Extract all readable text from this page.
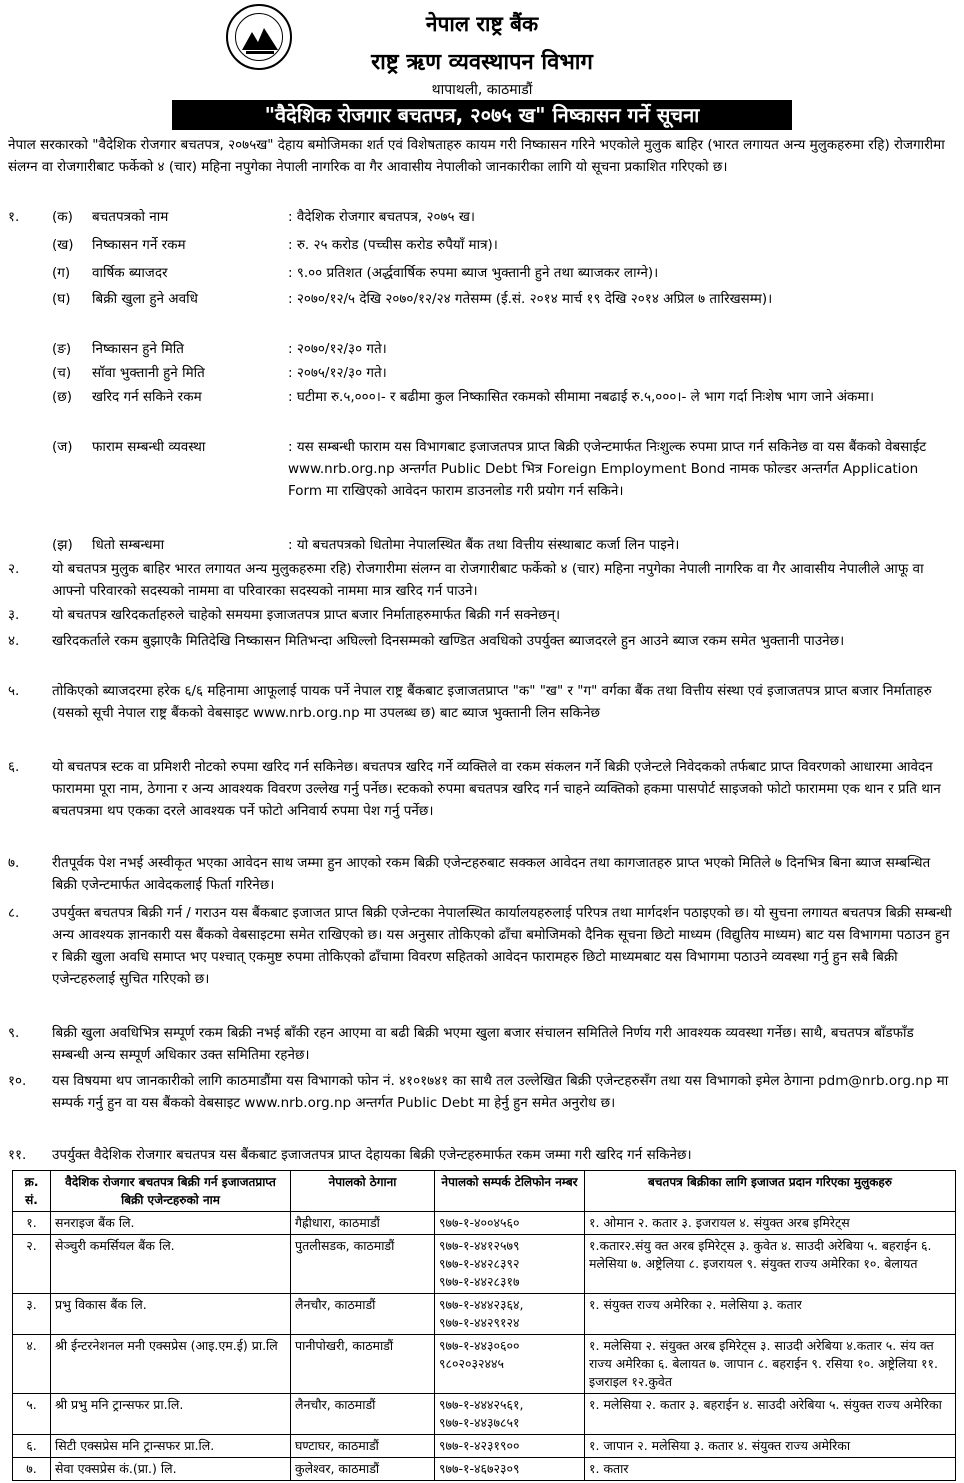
नेपाल राष्ट्र बैंक
राष्ट्र ऋण व्यवस्थापन विभाग
थापाथली, काठमाडौं
"वैदेशिक रोजगार बचतपत्र, २०७५ ख" निष्कासन गर्ने सूचना
नेपाल सरकारको "वैदेशिक रोजगार बचतपत्र, २०७५ख" देहाय बमोजिमका शर्त एवं विशेषताहरु कायम गरी निष्कासन गरिने भएकोले मुलुक बाहिर (भारत लगायत अन्य मुलुकहरुमा रहि) रोजगारीमा संलग्न वा रोजगारीबाट फर्केको ४ (चार) महिना नपुगेका नेपाली नागरिक वा गैर आवासीय नेपालीको जानकारीका लागि यो सूचना प्रकाशित गरिएको छ।
१. (क) बचतपत्रको नाम	: वैदेशिक रोजगार बचतपत्र, २०७५ ख।
(ख) निष्कासन गर्ने रकम	: रु. २५ करोड (पच्चीस करोड रुपैयाँ मात्र)।
(ग) वार्षिक ब्याजदर	: ९.०० प्रतिशत (अर्द्धवार्षिक रुपमा ब्याज भुक्तानी हुने तथा ब्याजकर लाग्ने)।
(घ) बिक्री खुला हुने अवधि	: २०७०/१२/५ देखि २०७०/१२/२४ गतेसम्म (ई.सं. २०१४ मार्च १९ देखि २०१४ अप्रिल ७ तारिखसम्म)।
(ङ) निष्कासन हुने मिति	: २०७०/१२/३० गते।
(च) सॉवा भुक्तानी हुने मिति	: २०७५/१२/३० गते।
(छ) खरिद गर्न सकिने रकम	: घटीमा रु.५,०००।- र बढीमा कुल निष्कासित रकमको सीमामा नबढाई रु.५,०००।- ले भाग गर्दा निःशेष भाग जाने अंकमा।
(ज) फाराम सम्बन्धी व्यवस्था	: यस सम्बन्धी फाराम यस विभागबाट इजाजतपत्र प्राप्त बिक्री एजेन्टमार्फत निःशुल्क रुपमा प्राप्त गर्न सकिनेछ वा यस बैंकको वेबसाईट www.nrb.org.np अन्तर्गत Public Debt भित्र Foreign Employment Bond नामक फोल्डर अन्तर्गत Application Form मा राखिएको आवेदन फाराम डाउनलोड गरी प्रयोग गर्न सकिने।
(झ) धितो सम्बन्धमा	: यो बचतपत्रको धितोमा नेपालस्थित बैंक तथा वित्तीय संस्थाबाट कर्जा लिन पाइने।
२. यो बचतपत्र मुलुक बाहिर भारत लगायत अन्य मुलुकहरुमा रहि) रोजगारीमा संलग्न वा रोजगारीबाट फर्केको ४ (चार) महिना नपुगेका नेपाली नागरिक वा गैर आवासीय नेपालीले आफू वा आफ्नो परिवारको सदस्यको नाममा वा परिवारका सदस्यको नाममा मात्र खरिद गर्न पाउने।
३. यो बचतपत्र खरिदकर्ताहरुले चाहेको समयमा इजाजतपत्र प्राप्त बजार निर्माताहरुमार्फत बिक्री गर्न सक्नेछन्।
४. खरिदकर्ताले रकम बुझाएकै मितिदेखि निष्कासन मितिभन्दा अघिल्लो दिनसम्मको खण्डित अवधिको उपर्युक्त ब्याजदरले हुन आउने ब्याज रकम समेत भुक्तानी पाउनेछ।
५. तोकिएको ब्याजदरमा हरेक ६/६ महिनामा आफूलाई पायक पर्ने नेपाल राष्ट्र बैंकबाट इजाजतप्राप्त "क" "ख" र "ग" वर्गका बैंक तथा वित्तीय संस्था एवं इजाजतपत्र प्राप्त बजार निर्माताहरु (यसको सूची नेपाल राष्ट्र बैंकको वेबसाइट www.nrb.org.np मा उपलब्ध छ) बाट ब्याज भुक्तानी लिन सकिनेछ
६. यो बचतपत्र स्टक वा प्रमिशरी नोटको रुपमा खरिद गर्न सकिनेछ। बचतपत्र खरिद गर्ने व्यक्तिले वा रकम संकलन गर्ने बिक्री एजेन्टले निवेदकको तर्फबाट प्राप्त विवरणको आधारमा आवेदन फाराममा पूरा नाम, ठेगाना र अन्य आवश्यक विवरण उल्लेख गर्नु पर्नेछ। स्टकको रुपमा बचतपत्र खरिद गर्न चाहने व्यक्तिको हकमा पासपोर्ट साइजको फोटो फाराममा एक थान र प्रति थान बचतपत्रमा थप एकका दरले आवश्यक पर्ने फोटो अनिवार्य रुपमा पेश गर्नु पर्नेछ।
७. रीतपूर्वक पेश नभई अस्वीकृत भएका आवेदन साथ जम्मा हुन आएको रकम बिक्री एजेन्टहरुबाट सक्कल आवेदन तथा कागजातहरु प्राप्त भएको मितिले ७ दिनभित्र बिना ब्याज सम्बन्धित बिक्री एजेन्टमार्फत आवेदकलाई फिर्ता गरिनेछ।
८. उपर्युक्त बचतपत्र बिक्री गर्न / गराउन यस बैंकबाट इजाजत प्राप्त बिक्री एजेन्टका नेपालस्थित कार्यालयहरुलाई परिपत्र तथा मार्गदर्शन पठाइएको छ। यो सुचना लगायत बचतपत्र बिक्री सम्बन्धी अन्य आवश्यक ज्ञानकारी यस बैंकको वेबसाइटमा समेत राखिएको छ। यस अनुसार तोकिएको ढाँचा बमोजिमको दैनिक सूचना छिटो माध्यम (विद्युतिय माध्यम) बाट यस विभागमा पठाउन हुन र बिक्री खुला अवधि समाप्त भए पश्चात् एकमुष्ट रुपमा तोकिएको ढाँचामा विवरण सहितको आवेदन फारामहरु छिटो माध्यमबाट यस विभागमा पठाउने व्यवस्था गर्नु हुन सबै बिक्री एजेन्टहरुलाई सुचित गरिएको छ।
९. बिक्री खुला अवधिभित्र सम्पूर्ण रकम बिक्री नभई बाँकी रहन आएमा वा बढी बिक्री भएमा खुला बजार संचालन समितिले निर्णय गरी आवश्यक व्यवस्था गर्नेछ। साथै, बचतपत्र बाँडफाँड सम्बन्धी अन्य सम्पूर्ण अधिकार उक्त समितिमा रहनेछ।
१०. यस विषयमा थप जानकारीको लागि काठमाडौंमा यस विभागको फोन नं. ४१०१७४१ का साथै तल उल्लेखित बिक्री एजेन्टहरुसँग तथा यस विभागको इमेल ठेगाना pdm@nrb.org.np मा सम्पर्क गर्नु हुन वा यस बैंकको वेबसाइट www.nrb.org.np अन्तर्गत Public Debt मा हेर्नु हुन समेत अनुरोध छ।
११. उपर्युक्त वैदेशिक रोजगार बचतपत्र यस बैंकबाट इजाजतपत्र प्राप्त देहायका बिक्री एजेन्टहरुमार्फत रकम जम्मा गरी खरिद गर्न सकिनेछ।
क्र. सं.	वैदेशिक रोजगार बचतपत्र बिक्री गर्न इजाजतप्राप्त बिक्री एजेन्टहरुको नाम	नेपालको ठेगाना	नेपालको सम्पर्क टेलिफोन नम्बर	बचतपत्र बिक्रीका लागि इजाजत प्रदान गरिएका मुलुकहरु
१.	सनराइज बैंक लि.	गैह्रीधारा, काठमाडौं	९७७-१-४००४५६०	१. ओमान २. कतार ३. इजरायल ४. संयुक्त अरब इमिरेट्स
२.	सेञ्चुरी कमर्सियल बैंक लि.	पुतलीसडक, काठमाडौं	९७७-१-४४१२५७९
९७७-१-४४२८३९२
९७७-१-४४२८३१७	१.कतार२.संयु क्त अरब इमिरेट्स ३. कुवेत ४. साउदी अरेबिया ५. बहराईन ६. मलेसिया ७. अष्ट्रेलिया ८. इजरायल ९. संयुक्त राज्य अमेरिका १०. बेलायत
३.	प्रभु विकास बैंक लि.	लैनचौर, काठमाडौं	९७७-१-४४४२३६४,
९७७-१-४४२९१२४	१. संयुक्त राज्य अमेरिका २. मलेसिया ३. कतार
४.	श्री ईन्टरनेशनल मनी एक्सप्रेस (आइ.एम.ई) प्रा.लि	पानीपोखरी, काठमाडौं	९७७-१-४४३०६००
९८०२०३२४४५	१. मलेसिया २. संयुक्त अरब इमिरेट्स ३. साउदी अरेबिया ४.कतार ५. संय क्त राज्य अमेरिका ६. बेलायत ७. जापान ८. बहराईन ९. रसिया १०. अष्ट्रेलिया ११. इजराइल १२.कुवेत
५.	श्री प्रभु मनि ट्रान्सफर प्रा.लि.	लैनचौर, काठमाडौं	९७७-१-४४४२५६१,
९७७-१-४४३७८५१	१. मलेसिया २. कतार ३. बहराईन ४. साउदी अरेबिया ५. संयुक्त राज्य अमेरिका
६.	सिटी एक्सप्रेस मनि ट्रान्सफर प्रा.लि.	घण्टाघर, काठमाडौं	९७७-१-४२३१९००	१. जापान २. मलेसिया ३. कतार ४. संयुक्त राज्य अमेरिका
७.	सेवा एक्सप्रेस कं.(प्रा.) लि.	कुलेश्वर, काठमाडौं	९७७-१-४६७२३०९	१. कतार
